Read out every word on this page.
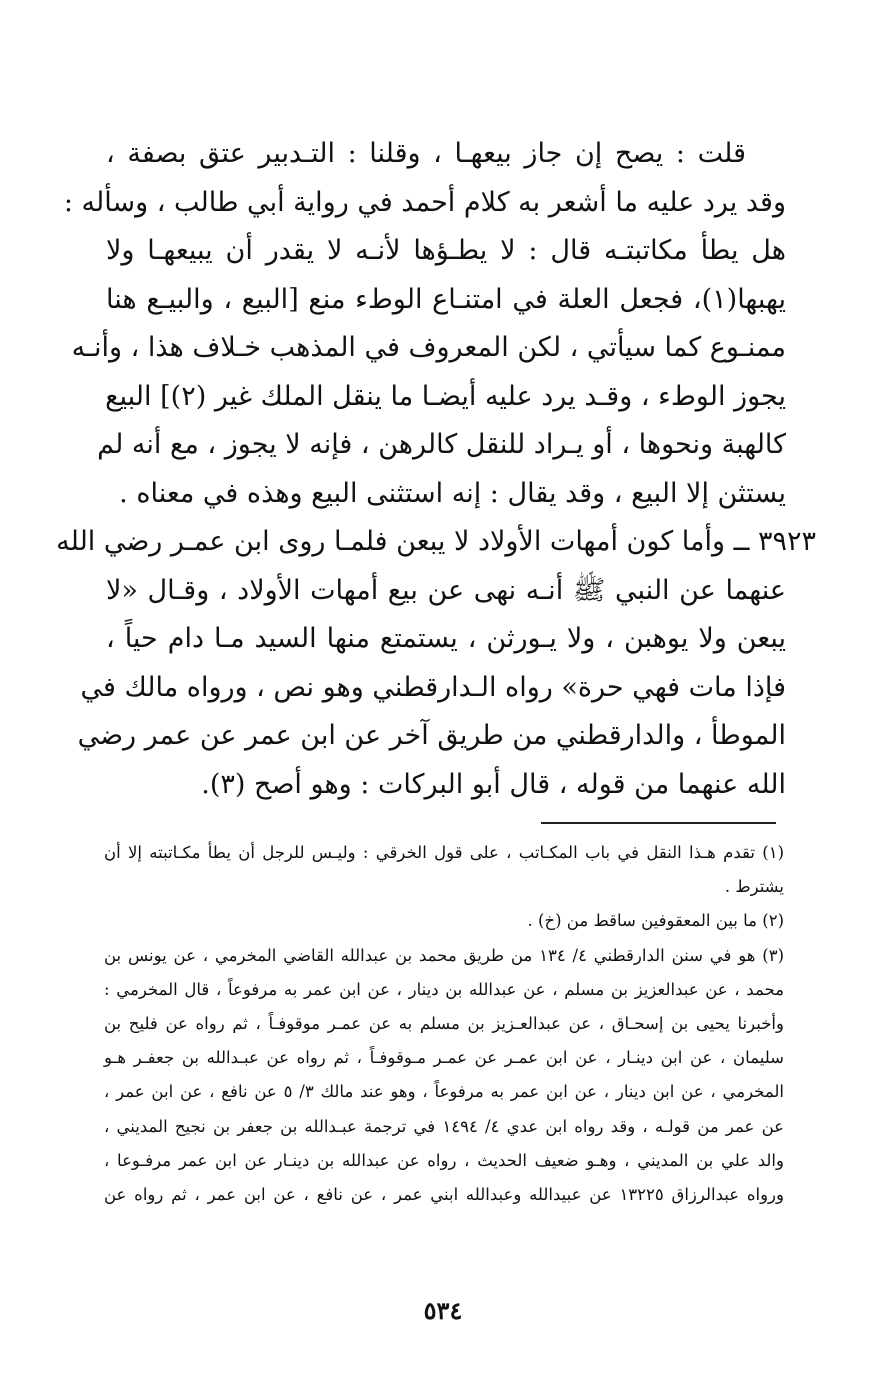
قلت : يصح إن جاز بيعهـا ، وقلنا : التـدبير عتق بصفة ،
وقد يرد عليه ما أشعر به كلام أحمد في رواية أبي طالب ، وسأله :
هل يطأ مكاتبتـه قال : لا يطـؤها لأنـه لا يقدر أن يبيعهـا ولا
يهبها(١)، فجعل العلة في امتنـاع الوطء منع [البيع ، والبيـع هنا
ممنـوع كما سيأتي ، لكن المعروف في المذهب خـلاف هذا ، وأنـه
يجوز الوطء ، وقـد يرد عليه أيضـا ما ينقل الملك غير (٢)] البيع
كالهبة ونحوها ، أو يـراد للنقل كالرهن ، فإنه لا يجوز ، مع أنه لم
يستثن إلا البيع ، وقد يقال : إنه استثنى البيع وهذه في معناه .
٣٩٢٣ ــ وأما كون أمهات الأولاد لا يبعن فلمـا روى ابن عمـر رضي الله
عنهما عن النبي ﷺ أنـه نهى عن بيع أمهات الأولاد ، وقـال «لا
يبعن ولا يوهبن ، ولا يـورثن ، يستمتع منها السيد مـا دام حياً ،
فإذا مات فهي حرة» رواه الـدارقطني وهو نص ، ورواه مالك في
الموطأ ، والدارقطني من طريق آخر عن ابن عمر عن عمر رضي
الله عنهما من قوله ، قال أبو البركات : وهو أصح (٣).
(١) تقدم هـذا النقل في باب المكـاتب ، على قول الخرقي : وليـس للرجل أن يطأ مكـاتبته إلا أن
يشترط .
(٢) ما بين المعقوفين ساقط من (خ) .
(٣) هو في سنن الدارقطني ٤/ ١٣٤ من طريق محمد بن عبدالله القاضي المخرمي ، عن يونس بن
محمد ، عن عبدالعزيز بن مسلم ، عن عبدالله بن دينار ، عن ابن عمر به مرفوعاً ، قال المخرمي :
وأخبرنا يحيى بن إسحـاق ، عن عبدالعـزيز بن مسلم به عن عمـر موقوفـاً ، ثم رواه عن فليح بن
سليمان ، عن ابن دينـار ، عن ابن عمـر عن عمـر مـوقوفـاً ، ثم رواه عن عبـدالله بن جعفـر هـو
المخرمي ، عن ابن دينار ، عن ابن عمر به مرفوعاً ، وهو عند مالك ٣/ ٥ عن نافع ، عن ابن عمر ،
عن عمر من قولـه ، وقد رواه ابن عدي ٤/ ١٤٩٤ في ترجمة عبـدالله بن جعفر بن نجيح المديني ،
والد علي بن المديني ، وهـو ضعيف الحديث ، رواه عن عبدالله بن دينـار عن ابن عمر مرفـوعا ،
ورواه عبدالرزاق ١٣٢٢٥ عن عبيدالله وعبدالله ابني عمر ، عن نافع ، عن ابن عمر ، ثم رواه عن
٥٣٤
